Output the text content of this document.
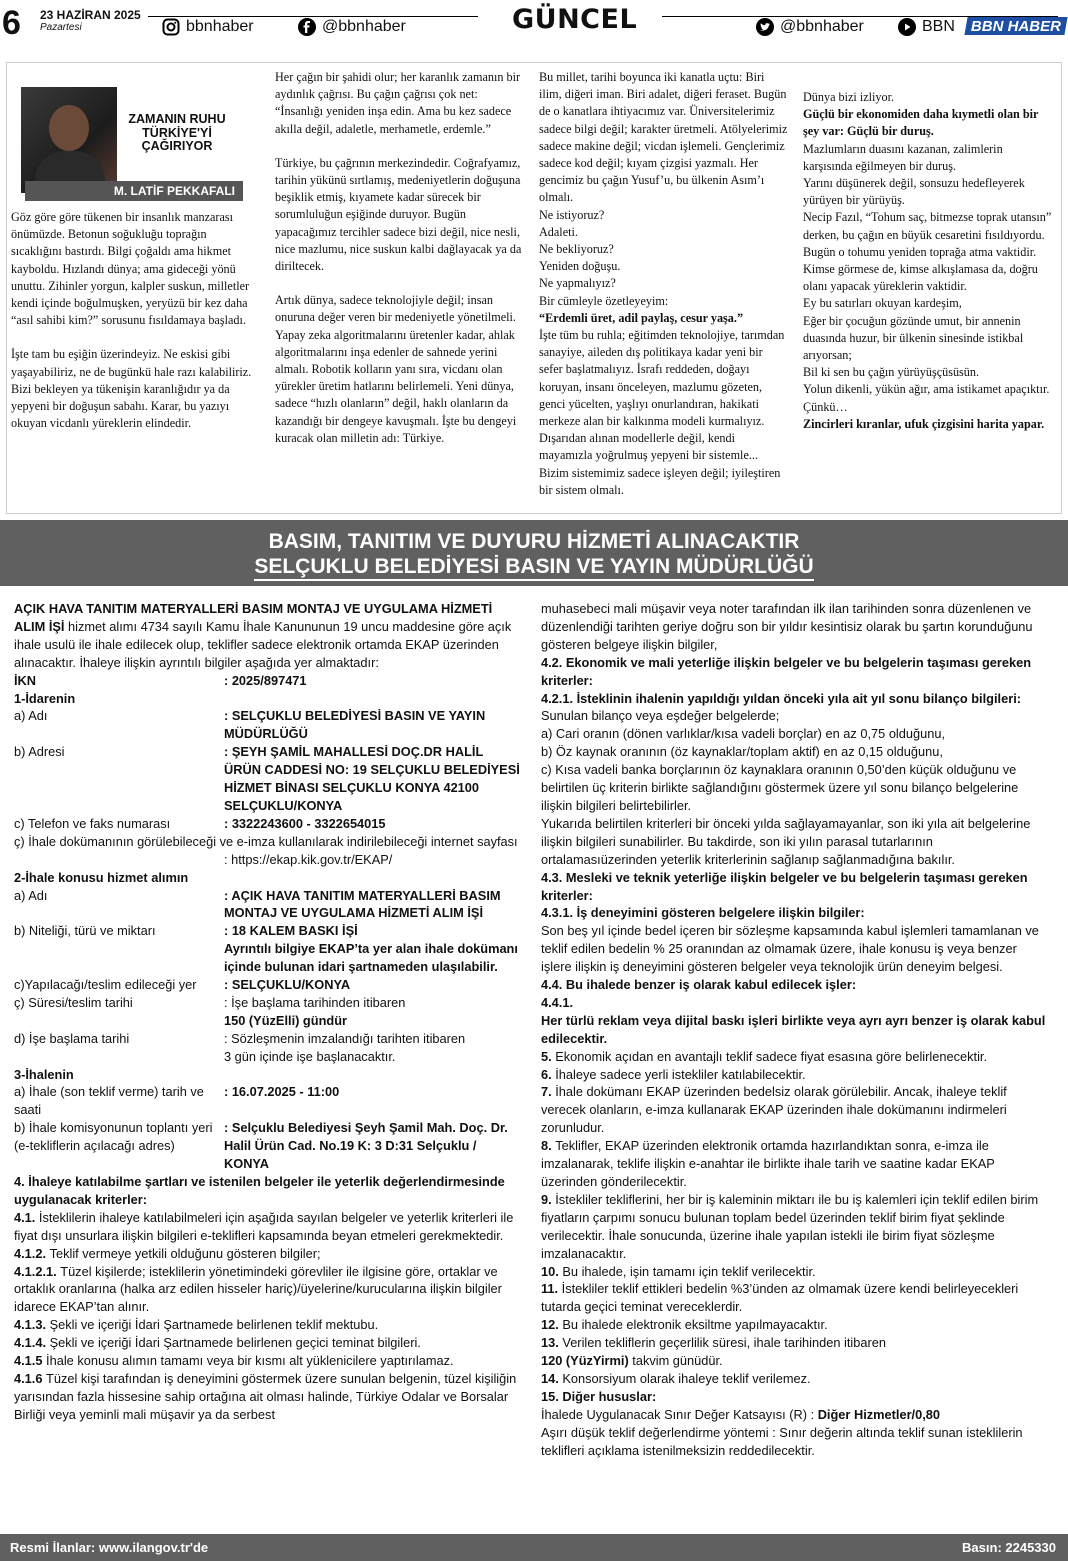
6 23 HAZİRAN 2025
Pazartesi	bbnhaber	@bbnhaber	GÜNCEL	@bbnhaber	BBN BBN HABER
ZAMANIN RUHU TÜRKİYE'Yİ ÇAĞIRIYOR
M. LATİF PEKKAFALI

Göz göre göre tükenen bir insanlık manzarası önümüzde. Betonun soğukluğu toprağın sıcaklığını bastırdı. Bilgi çoğaldı ama hikmet kayboldu. Hızlandı dünya; ama gideceği yönü unuttu. Zihinler yorgun, kalpler suskun, milletler kendi içinde boğulmuşken, yeryüzü bir kez daha “asıl sahibi kim?” sorusunu fısıldamaya başladı.

İşte tam bu eşiğin üzerindeyiz. Ne eskisi gibi yaşayabiliriz, ne de bugünkü hale razı kalabiliriz. Bizi bekleyen ya tükenişin karanlığıdır ya da yepyeni bir doğuşun sabahı. Karar, bu yazıyı okuyan vicdanlı yüreklerin elindedir.

Her çağın bir şahidi olur; her karanlık zamanın bir aydınlık çağrısı. Bu çağın çağrısı çok net: “İnsanlığı yeniden inşa edin. Ama bu kez sadece akılla değil, adaletle, merhametle, erdemle.”

Türkiye, bu çağrının merkezindedir. Coğrafyamız, tarihin yükünü sırtlamış, medeniyetlerin doğuşuna beşiklik etmiş, kıyamete kadar sürecek bir sorumluluğun eşiğinde duruyor. Bugün yapacağımız tercihler sadece bizi değil, nice nesli, nice mazlumu, nice suskun kalbi dağlayacak ya da diriltecek.

Artık dünya, sadece teknolojiyle değil; insan onuruna değer veren bir medeniyetle yönetilmeli. Yapay zeka algoritmalarını üretenler kadar, ahlak algoritmalarını inşa edenler de sahnede yerini almalı. Robotik kolların yanı sıra, vicdanı olan yürekler üretim hatlarını belirlemeli. Yeni dünya, sadece “hızlı olanların” değil, haklı olanların da kazandığı bir dengeye kavuşmalı. İşte bu dengeyi kuracak olan milletin adı: Türkiye.

Bu millet, tarihi boyunca iki kanatla uçtu: Biri ilim, diğeri iman. Biri adalet, diğeri feraset. Bugün de o kanatlara ihtiyacımız var. Üniversitelerimiz sadece bilgi değil; karakter üretmeli. Atölyelerimiz sadece makine değil; vicdan işlemeli. Gençlerimiz sadece kod değil; kıyam çizgisi yazmalı. Her gencimiz bu çağın Yusuf’u, bu ülkenin Asım’ı olmalı.
Ne istiyoruz?
Adaleti.
Ne bekliyoruz?
Yeniden doğuşu.
Ne yapmalıyız?
Bir cümleyle özetleyeyim:
“Erdemli üret, adil paylaş, cesur yaşa.”
İşte tüm bu ruhla; eğitimden teknolojiye, tarımdan sanayiye, aileden dış politikaya kadar yeni bir sefer başlatmalıyız. İsrafı reddeden, doğayı koruyan, insanı önceleyen, mazlumu gözeten, genci yücelten, yaşlıyı onurlandıran, hakikati merkeze alan bir kalkınma modeli kurmalıyız. Dışarıdan alınan modellerle değil, kendi mayamızla yoğrulmuş yepyeni bir sistemle... Bizim sistemimiz sadece işleyen değil; iyileştiren bir sistem olmalı.
Dünya bizi izliyor.
Güçlü bir ekonomiden daha kıymetli olan bir şey var: Güçlü bir duruş.
Mazlumların duasını kazanan, zalimlerin karşısında eğilmeyen bir duruş.
Yarını düşünerek değil, sonsuzu hedefleyerek yürüyen bir yürüyüş.
Necip Fazıl, “Tohum saç, bitmezse toprak utansın” derken, bu çağın en büyük cesaretini fısıldıyordu. Bugün o tohumu yeniden toprağa atma vaktidir. Kimse görmese de, kimse alkışlamasa da, doğru olanı yapacak yüreklerin vaktidir.
Ey bu satırları okuyan kardeşim,
Eğer bir çocuğun gözünde umut, bir annenin duasında huzur, bir ülkenin sinesinde istikbal arıyorsan;
Bil ki sen bu çağın yürüyüşçüsüsün.
Yolun dikenli, yükün ağır, ama istikamet apaçıktır.
Çünkü…
Zincirleri kıranlar, ufuk çizgisini harita yapar.
BASIM, TANITIM VE DUYURU HİZMETİ ALINACAKTIR
SELÇUKLU BELEDİYESİ BASIN VE YAYIN MÜDÜRLÜĞÜ
AÇIK HAVA TANITIM MATERYALLERİ BASIM MONTAJ VE UYGULAMA HİZMETİ ALIM İŞİ hizmet alımı 4734 sayılı Kamu İhale Kanununun 19 uncu maddesine göre açık ihale usulü ile ihale edilecek olup, teklifler sadece elektronik ortamda EKAP üzerinden alınacaktır. İhaleye ilişkin ayrıntılı bilgiler aşağıda yer almaktadır:
İKN	: 2025/897471
1-İdarenin
a) Adı	: SELÇUKLU BELEDİYESİ BASIN VE YAYIN MÜDÜRLÜĞÜ
b) Adresi	: ŞEYH ŞAMİL MAHALLESİ DOÇ.DR HALİL ÜRÜN CADDESİ NO: 19 SELÇUKLU BELEDİYESİ HİZMET BİNASI SELÇUKLU KONYA 42100 SELÇUKLU/KONYA
c) Telefon ve faks numarası	: 3322243600 - 3322654015
ç) İhale dokümanının görülebileceği ve e-imza kullanılarak indirilebileceği internet sayfası
: https://ekap.kik.gov.tr/EKAP/
2-İhale konusu hizmet alımın
a) Adı	: AÇIK HAVA TANITIM MATERYALLERİ BASIM MONTAJ VE UYGULAMA HİZMETİ ALIM İŞİ
b) Niteliği, türü ve miktarı	: 18 KALEM BASKI İŞİ
Ayrıntılı bilgiye EKAP’ta yer alan ihale dokümanı içinde bulunan idari şartnameden ulaşılabilir.
c)Yapılacağı/teslim edileceği yer	: SELÇUKLU/KONYA
ç) Süresi/teslim tarihi	: İşe başlama tarihinden itibaren
150 (YüzElli) gündür
d) İşe başlama tarihi	: Sözleşmenin imzalandığı tarihten itibaren
3 gün içinde işe başlanacaktır.
3-İhalenin
a) İhale (son teklif verme) tarih ve saati
: 16.07.2025 - 11:00
b) İhale komisyonunun toplantı yeri (e-tekliflerin açılacağı adres)
: Selçuklu Belediyesi Şeyh Şamil Mah. Doç. Dr. Halil Ürün Cad. No.19 K: 3 D:31 Selçuklu / KONYA
4. İhaleye katılabilme şartları ve istenilen belgeler ile yeterlik değerlendirmesinde uygulanacak kriterler:
4.1. İsteklilerin ihaleye katılabilmeleri için aşağıda sayılan belgeler ve yeterlik kriterleri ile fiyat dışı unsurlara ilişkin bilgileri e-teklifleri kapsamında beyan etmeleri gerekmektedir.
4.1.2. Teklif vermeye yetkili olduğunu gösteren bilgiler;
4.1.2.1. Tüzel kişilerde; isteklilerin yönetimindeki görevliler ile ilgisine göre, ortaklar ve ortaklık oranlarına (halka arz edilen hisseler hariç)/üyelerine/kurucularına ilişkin bilgiler idarece EKAP’tan alınır.
4.1.3. Şekli ve içeriği İdari Şartnamede belirlenen teklif mektubu.
4.1.4. Şekli ve içeriği İdari Şartnamede belirlenen geçici teminat bilgileri.
4.1.5 İhale konusu alımın tamamı veya bir kısmı alt yüklenicilere yaptırılamaz.
4.1.6 Tüzel kişi tarafından iş deneyimini göstermek üzere sunulan belgenin, tüzel kişiliğin yarısından fazla hissesine sahip ortağına ait olması halinde, Türkiye Odalar ve Borsalar Birliği veya yeminli mali müşavir ya da serbest
muhasebeci mali müşavir veya noter tarafından ilk ilan tarihinden sonra düzenlenen ve düzenlendiği tarihten geriye doğru son bir yıldır kesintisiz olarak bu şartın korunduğunu gösteren belgeye ilişkin bilgiler,
4.2. Ekonomik ve mali yeterliğe ilişkin belgeler ve bu belgelerin taşıması gereken kriterler:
4.2.1. İsteklinin ihalenin yapıldığı yıldan önceki yıla ait yıl sonu bilanço bilgileri:
Sunulan bilanço veya eşdeğer belgelerde;
a) Cari oranın (dönen varlıklar/kısa vadeli borçlar) en az 0,75 olduğunu,
b) Öz kaynak oranının (öz kaynaklar/toplam aktif) en az 0,15 olduğunu,
c) Kısa vadeli banka borçlarının öz kaynaklara oranının 0,50’den küçük olduğunu ve belirtilen üç kriterin birlikte sağlandığını göstermek üzere yıl sonu bilanço belgelerine ilişkin bilgileri belirtebilirler.
Yukarıda belirtilen kriterleri bir önceki yılda sağlayamayanlar, son iki yıla ait belgelerine ilişkin bilgileri sunabilirler. Bu takdirde, son iki yılın parasal tutarlarının ortalamasıüzerinden yeterlik kriterlerinin sağlanıp sağlanmadığına bakılır.
4.3. Mesleki ve teknik yeterliğe ilişkin belgeler ve bu belgelerin taşıması gereken kriterler:
4.3.1. İş deneyimini gösteren belgelere ilişkin bilgiler:
Son beş yıl içinde bedel içeren bir sözleşme kapsamında kabul işlemleri tamamlanan ve teklif edilen bedelin % 25 oranından az olmamak üzere, ihale konusu iş veya benzer işlere ilişkin iş deneyimini gösteren belgeler veya teknolojik ürün deneyim belgesi.
4.4. Bu ihalede benzer iş olarak kabul edilecek işler:
4.4.1.
Her türlü reklam veya dijital baskı işleri birlikte veya ayrı ayrı benzer iş olarak kabul edilecektir.
5. Ekonomik açıdan en avantajlı teklif sadece fiyat esasına göre belirlenecektir.
6. İhaleye sadece yerli istekliler katılabilecektir.
7. İhale dokümanı EKAP üzerinden bedelsiz olarak görülebilir. Ancak, ihaleye teklif verecek olanların, e-imza kullanarak EKAP üzerinden ihale dokümanını indirmeleri zorunludur.
8. Teklifler, EKAP üzerinden elektronik ortamda hazırlandıktan sonra, e-imza ile imzalanarak, teklife ilişkin e-anahtar ile birlikte ihale tarih ve saatine kadar EKAP üzerinden gönderilecektir.
9. İstekliler tekliflerini, her bir iş kaleminin miktarı ile bu iş kalemleri için teklif edilen birim fiyatların çarpımı sonucu bulunan toplam bedel üzerinden teklif birim fiyat şeklinde verilecektir. İhale sonucunda, üzerine ihale yapılan istekli ile birim fiyat sözleşme imzalanacaktır.
10. Bu ihalede, işin tamamı için teklif verilecektir.
11. İstekliler teklif ettikleri bedelin %3’ünden az olmamak üzere kendi belirleyecekleri tutarda geçici teminat vereceklerdir.
12. Bu ihalede elektronik eksiltme yapılmayacaktır.
13. Verilen tekliflerin geçerlilik süresi, ihale tarihinden itibaren
120 (YüzYirmi) takvim günüdür.
14. Konsorsiyum olarak ihaleye teklif verilemez.
15. Diğer hususlar:
İhalede Uygulanacak Sınır Değer Katsayısı (R) : Diğer Hizmetler/0,80
Aşırı düşük teklif değerlendirme yöntemi : Sınır değerin altında teklif sunan isteklilerin teklifleri açıklama istenilmeksizin reddedilecektir.
Resmi İlanlar: www.ilangov.tr'de	Basın: 2245330
